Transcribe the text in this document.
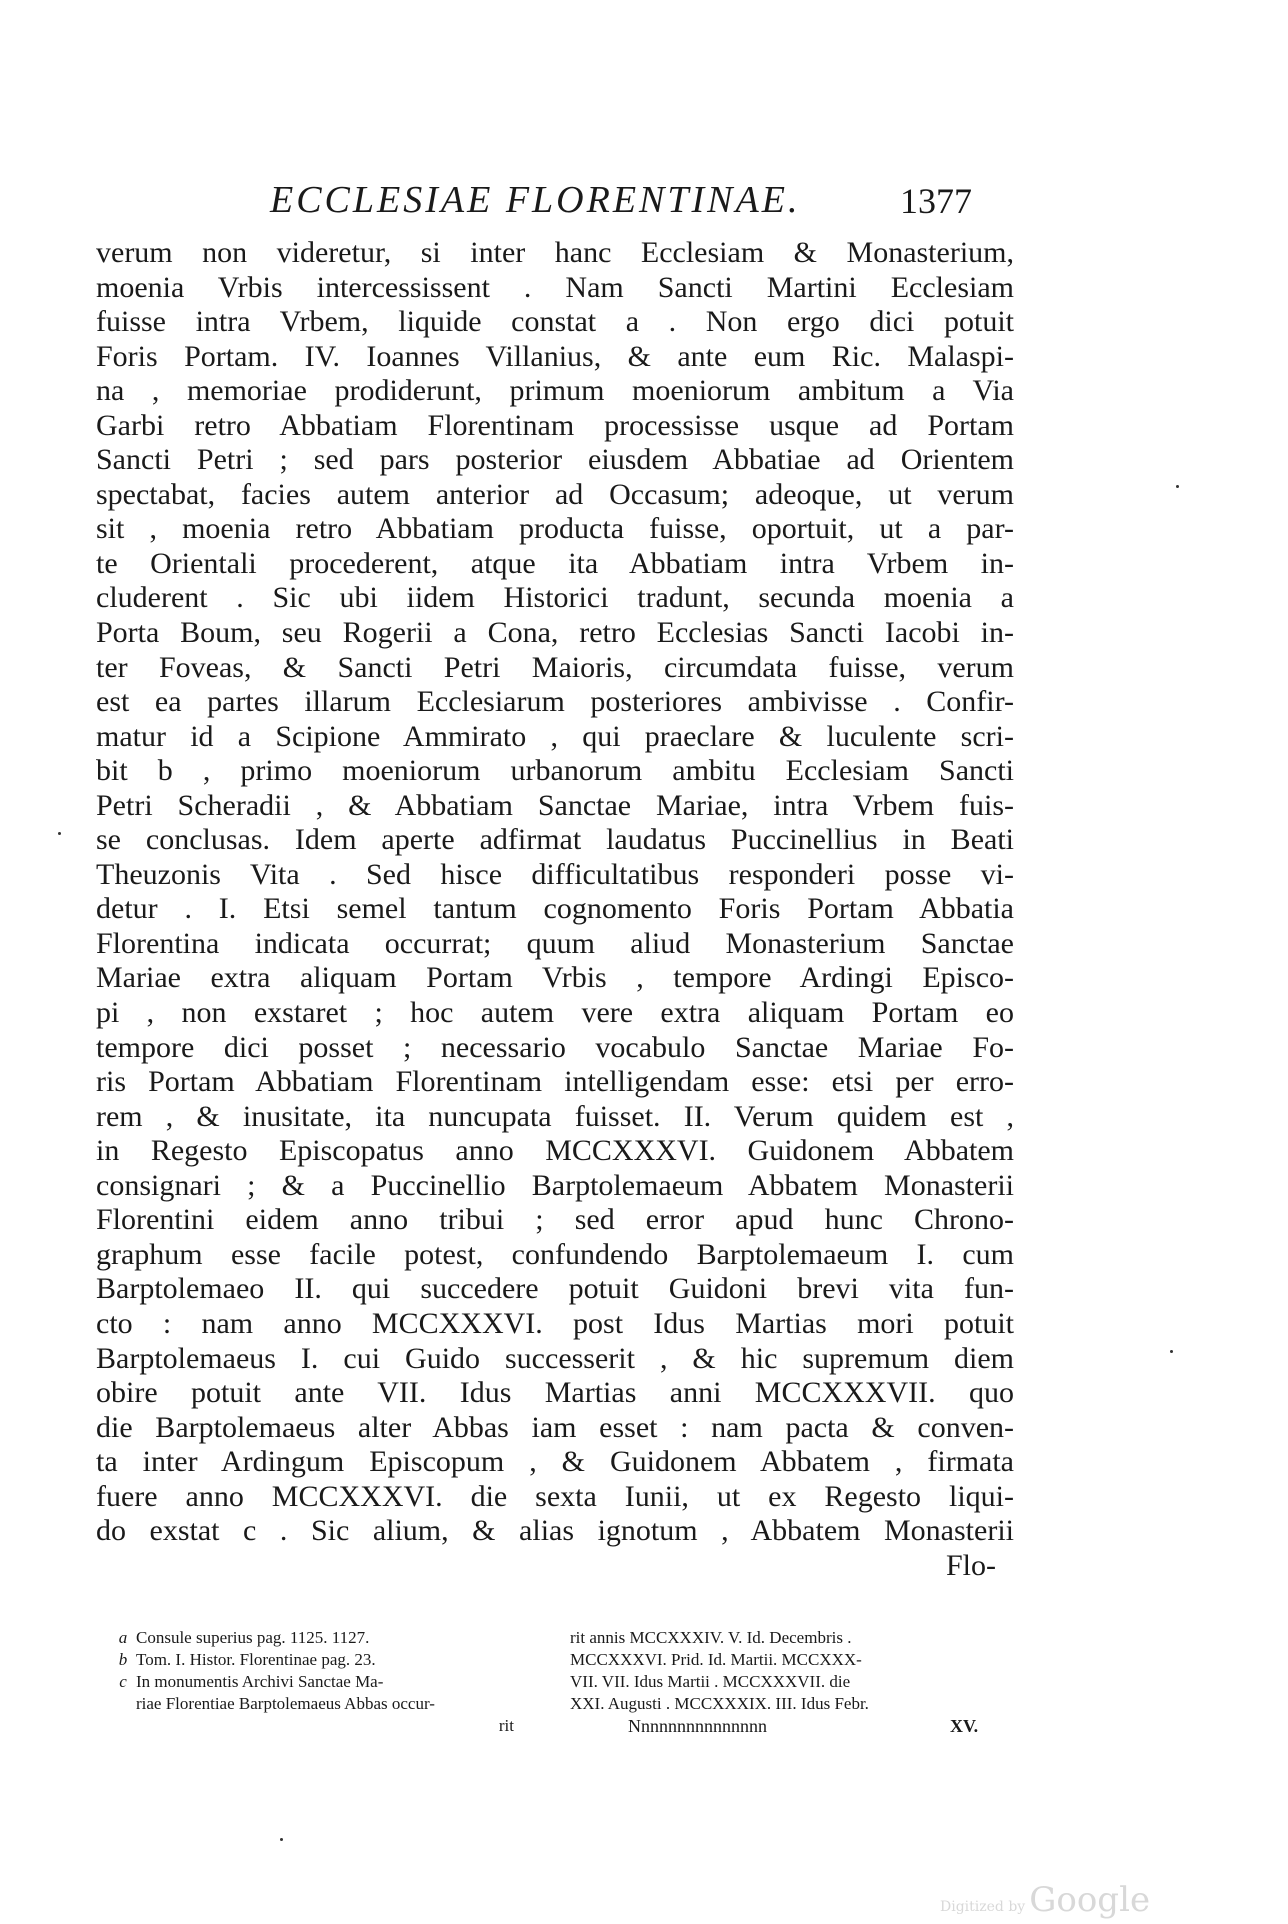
ECCLESIAE FLORENTINAE.	1377
verum non videretur, si inter hanc Ecclesiam & Monasterium,
moenia Vrbis intercessissent . Nam Sancti Martini Ecclesiam
fuisse intra Vrbem, liquide constat a . Non ergo dici potuit
Foris Portam. IV. Ioannes Villanius, & ante eum Ric. Malaspi-
na , memoriae prodiderunt, primum moeniorum ambitum a Via
Garbi retro Abbatiam Florentinam processisse usque ad Portam
Sancti Petri ; sed pars posterior eiusdem Abbatiae ad Orientem
spectabat, facies autem anterior ad Occasum; adeoque, ut verum
sit , moenia retro Abbatiam producta fuisse, oportuit, ut a par-
te Orientali procederent, atque ita Abbatiam intra Vrbem in-
cluderent . Sic ubi iidem Historici tradunt, secunda moenia a
Porta Boum, seu Rogerii a Cona, retro Ecclesias Sancti Iacobi in-
ter Foveas, & Sancti Petri Maioris, circumdata fuisse, verum
est ea partes illarum Ecclesiarum posteriores ambivisse . Confir-
matur id a Scipione Ammirato , qui praeclare & luculente scri-
bit b , primo moeniorum urbanorum ambitu Ecclesiam Sancti
Petri Scheradii , & Abbatiam Sanctae Mariae, intra Vrbem fuis-
se conclusas. Idem aperte adfirmat laudatus Puccinellius in Beati
Theuzonis Vita . Sed hisce difficultatibus responderi posse vi-
detur . I. Etsi semel tantum cognomento Foris Portam Abbatia
Florentina indicata occurrat; quum aliud Monasterium Sanctae
Mariae extra aliquam Portam Vrbis , tempore Ardingi Episco-
pi , non exstaret ; hoc autem vere extra aliquam Portam eo
tempore dici posset ; necessario vocabulo Sanctae Mariae Fo-
ris Portam Abbatiam Florentinam intelligendam esse: etsi per erro-
rem , & inusitate, ita nuncupata fuisset. II. Verum quidem est ,
in Regesto Episcopatus anno MCCXXXVI. Guidonem Abbatem
consignari ; & a Puccinellio Barptolemaeum Abbatem Monasterii
Florentini eidem anno tribui ; sed error apud hunc Chrono-
graphum esse facile potest, confundendo Barptolemaeum I. cum
Barptolemaeo II. qui succedere potuit Guidoni brevi vita fun-
cto : nam anno MCCXXXVI. post Idus Martias mori potuit
Barptolemaeus I. cui Guido successerit , & hic supremum diem
obire potuit ante VII. Idus Martias anni MCCXXXVII. quo
die Barptolemaeus alter Abbas iam esset : nam pacta & conven-
ta inter Ardingum Episcopum , & Guidonem Abbatem , firmata
fuere anno MCCXXXVI. die sexta Iunii, ut ex Regesto liqui-
do exstat c . Sic alium, & alias ignotum , Abbatem Monasterii
Flo-
a Consule superius pag. 1125. 1127.
b Tom. I. Histor. Florentinae pag. 23.
c In monumentis Archivi Sanctae Ma-
riae Florentiae Barptolemaeus Abbas occur-
rit
rit annis MCCXXXIV. V. Id. Decembris .
MCCXXXVI. Prid. Id. Martii. MCCXXX-
VII. VII. Idus Martii . MCCXXXVII. die
XXI. Augusti . MCCXXXIX. III. Idus Febr.
Nnnnnnnnnnnnnnn	XV.
Digitized by Google
